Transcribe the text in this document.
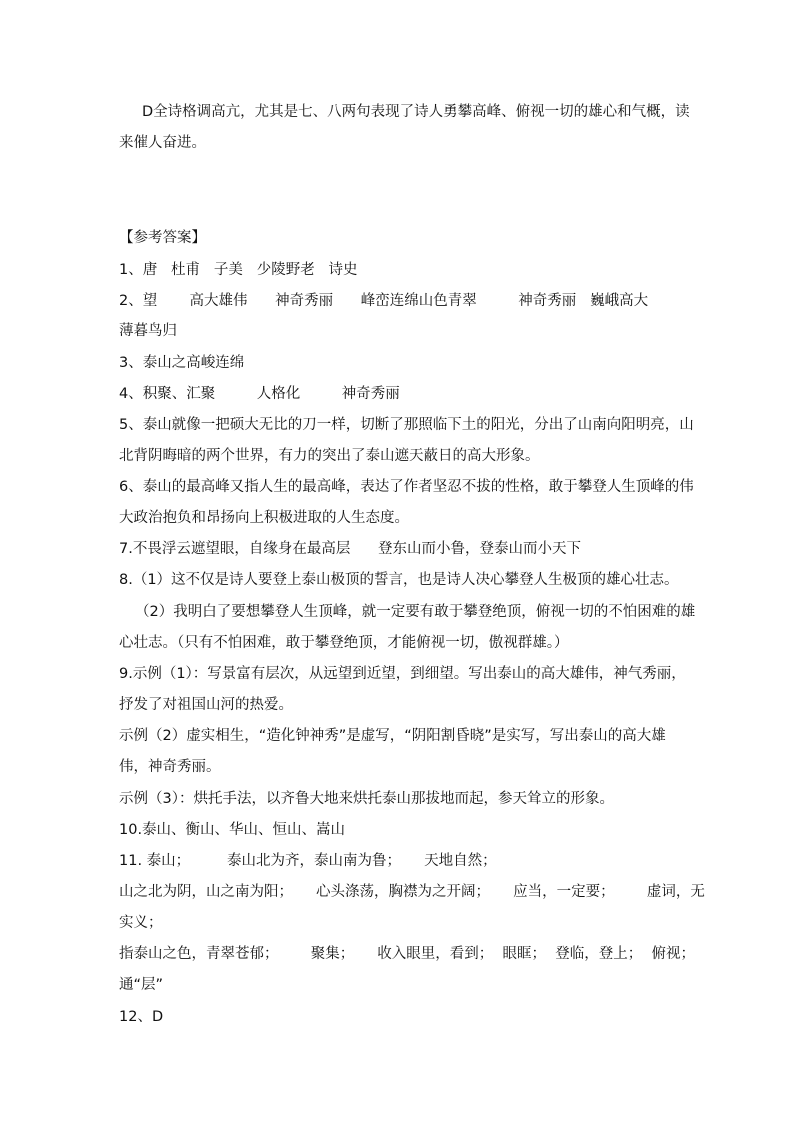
D全诗格调高亢，尤其是七、八两句表现了诗人勇攀高峰、俯视一切的雄心和气概，读
来催人奋进。
【参考答案】
1、唐   杜甫   子美   少陵野老   诗史
2、望       高大雄伟      神奇秀丽      峰峦连绵山色青翠         神奇秀丽   巍峨高大
薄暮鸟归
3、泰山之高峻连绵
4、积聚、汇聚         人格化         神奇秀丽
5、泰山就像一把硕大无比的刀一样，切断了那照临下土的阳光，分出了山南向阳明亮，山
北背阴晦暗的两个世界，有力的突出了泰山遮天蔽日的高大形象。
6、泰山的最高峰又指人生的最高峰，表达了作者坚忍不拔的性格，敢于攀登人生顶峰的伟
大政治抱负和昂扬向上积极进取的人生态度。
7.不畏浮云遮望眼，自缘身在最高层      登东山而小鲁，登泰山而小天下
8.（1）这不仅是诗人要登上泰山极顶的誓言，也是诗人决心攀登人生极顶的雄心壮志。
（2）我明白了要想攀登人生顶峰，就一定要有敢于攀登绝顶，俯视一切的不怕困难的雄
心壮志。（只有不怕困难，敢于攀登绝顶，才能俯视一切，傲视群雄。）
9.示例（1）：写景富有层次，从远望到近望，到细望。写出泰山的高大雄伟，神气秀丽，
抒发了对祖国山河的热爱。
示例（2）虚实相生，“造化钟神秀”是虚写，“阴阳割昏晓”是实写，写出泰山的高大雄
伟，神奇秀丽。
示例（3）：烘托手法，以齐鲁大地来烘托泰山那拔地而起，参天耸立的形象。
10.泰山、衡山、华山、恒山、嵩山
11. 泰山；        泰山北为齐，泰山南为鲁；     天地自然；
山之北为阴，山之南为阳；     心头涤荡，胸襟为之开阔；     应当，一定要；       虚词，无
实义；
指泰山之色，青翠苍郁；       聚集；     收入眼里，看到；  眼眶；  登临，登上；  俯视；
通“层”
12、D
